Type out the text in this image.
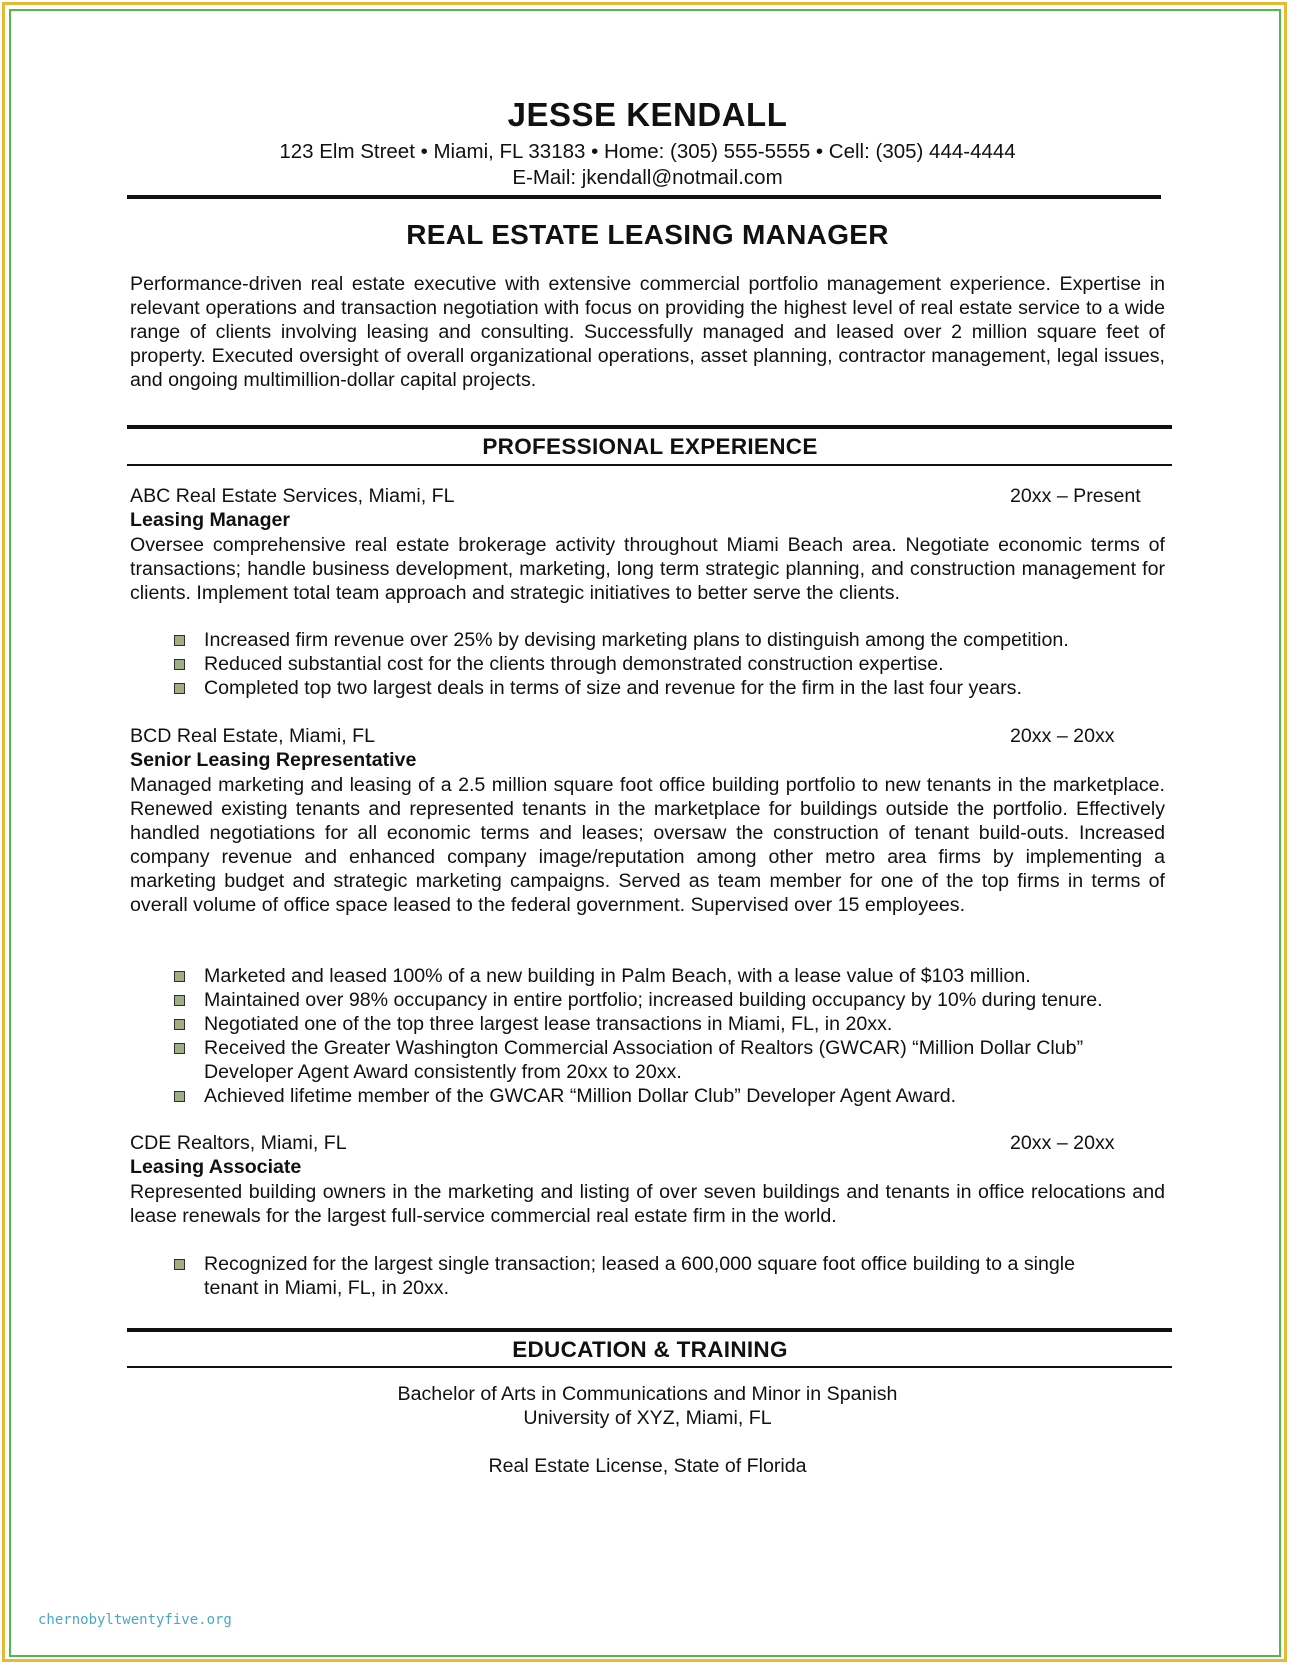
JESSE KENDALL
123 Elm Street • Miami, FL 33183 • Home: (305) 555-5555 • Cell: (305) 444-4444
E-Mail: jkendall@notmail.com
REAL ESTATE LEASING MANAGER
Performance-driven real estate executive with extensive commercial portfolio management experience. Expertise in relevant operations and transaction negotiation with focus on providing the highest level of real estate service to a wide range of clients involving leasing and consulting. Successfully managed and leased over 2 million square feet of property. Executed oversight of overall organizational operations, asset planning, contractor management, legal issues, and ongoing multimillion-dollar capital projects.
PROFESSIONAL EXPERIENCE
ABC Real Estate Services, Miami, FL	20xx – Present
Leasing Manager
Oversee comprehensive real estate brokerage activity throughout Miami Beach area. Negotiate economic terms of transactions; handle business development, marketing, long term strategic planning, and construction management for clients. Implement total team approach and strategic initiatives to better serve the clients.
Increased firm revenue over 25% by devising marketing plans to distinguish among the competition.
Reduced substantial cost for the clients through demonstrated construction expertise.
Completed top two largest deals in terms of size and revenue for the firm in the last four years.
BCD Real Estate, Miami, FL	20xx – 20xx
Senior Leasing Representative
Managed marketing and leasing of a 2.5 million square foot office building portfolio to new tenants in the marketplace. Renewed existing tenants and represented tenants in the marketplace for buildings outside the portfolio. Effectively handled negotiations for all economic terms and leases; oversaw the construction of tenant build-outs. Increased company revenue and enhanced company image/reputation among other metro area firms by implementing a marketing budget and strategic marketing campaigns. Served as team member for one of the top firms in terms of overall volume of office space leased to the federal government. Supervised over 15 employees.
Marketed and leased 100% of a new building in Palm Beach, with a lease value of $103 million.
Maintained over 98% occupancy in entire portfolio; increased building occupancy by 10% during tenure.
Negotiated one of the top three largest lease transactions in Miami, FL, in 20xx.
Received the Greater Washington Commercial Association of Realtors (GWCAR) “Million Dollar Club” Developer Agent Award consistently from 20xx to 20xx.
Achieved lifetime member of the GWCAR “Million Dollar Club” Developer Agent Award.
CDE Realtors, Miami, FL	20xx – 20xx
Leasing Associate
Represented building owners in the marketing and listing of over seven buildings and tenants in office relocations and lease renewals for the largest full-service commercial real estate firm in the world.
Recognized for the largest single transaction; leased a 600,000 square foot office building to a single tenant in Miami, FL, in 20xx.
EDUCATION & TRAINING
Bachelor of Arts in Communications and Minor in Spanish
University of XYZ, Miami, FL
Real Estate License, State of Florida
chernobyltwentyfive.org
